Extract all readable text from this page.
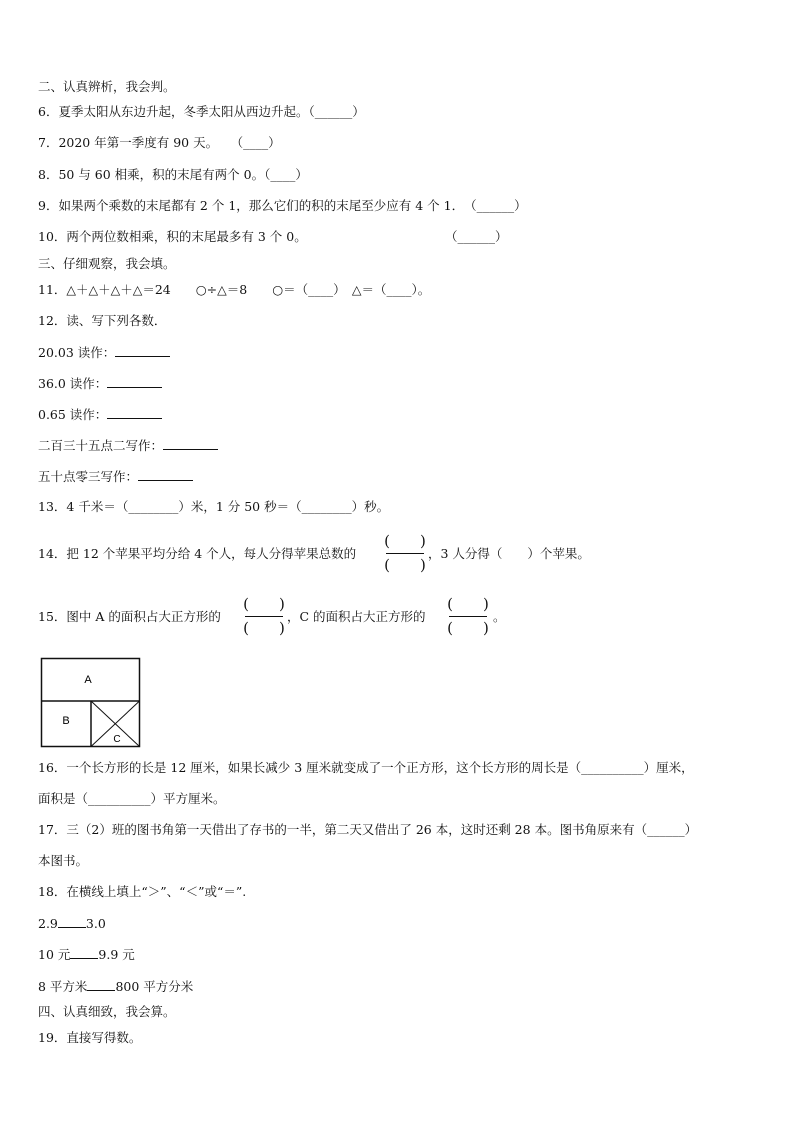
二、认真辨析，我会判。
6．夏季太阳从东边升起，冬季太阳从西边升起。（______）
7．2020 年第一季度有 90 天。　　（____）
8．50 与 60 相乘，积的末尾有两个 0。（____）
9．如果两个乘数的末尾都有 2 个 1，那么它们的积的末尾至少应有 4 个 1．　（______）
10．两个两位数相乘，积的末尾最多有 3 个 0。	（______）
三、仔细观察，我会填。
11．△＋△＋△＋△＝24　　○÷△＝8　　○＝（____）　△＝（____）。
12．读、写下列各数．
20.03 读作：
36.0 读作：
0.65 读作：
二百三十五点二写作：
五十点零三写作：
13．4 千米＝（________）米，1 分 50 秒＝（________）秒。
14．把 12 个苹果平均分给 4 个人，每人分得苹果总数的
(　　)
(　　)
，3 人分得（　　）个苹果。
15．图中 A 的面积占大正方形的
(　　)
(　　)
，C 的面积占大正方形的
(　　)
(　　)
。
A
B
C
16．一个长方形的长是 12 厘米，如果长减少 3 厘米就变成了一个正方形，这个长方形的周长是（__________）厘米，
面积是（__________）平方厘米。
17．三（2）班的图书角第一天借出了存书的一半，第二天又借出了 26 本，这时还剩 28 本。图书角原来有（______）
本图书。
18．在横线上填上“＞”、“＜”或“＝”.
2.9 3.0
10 元 9.9 元
8 平方米 800 平方分米
四、认真细致，我会算。
19．直接写得数。
